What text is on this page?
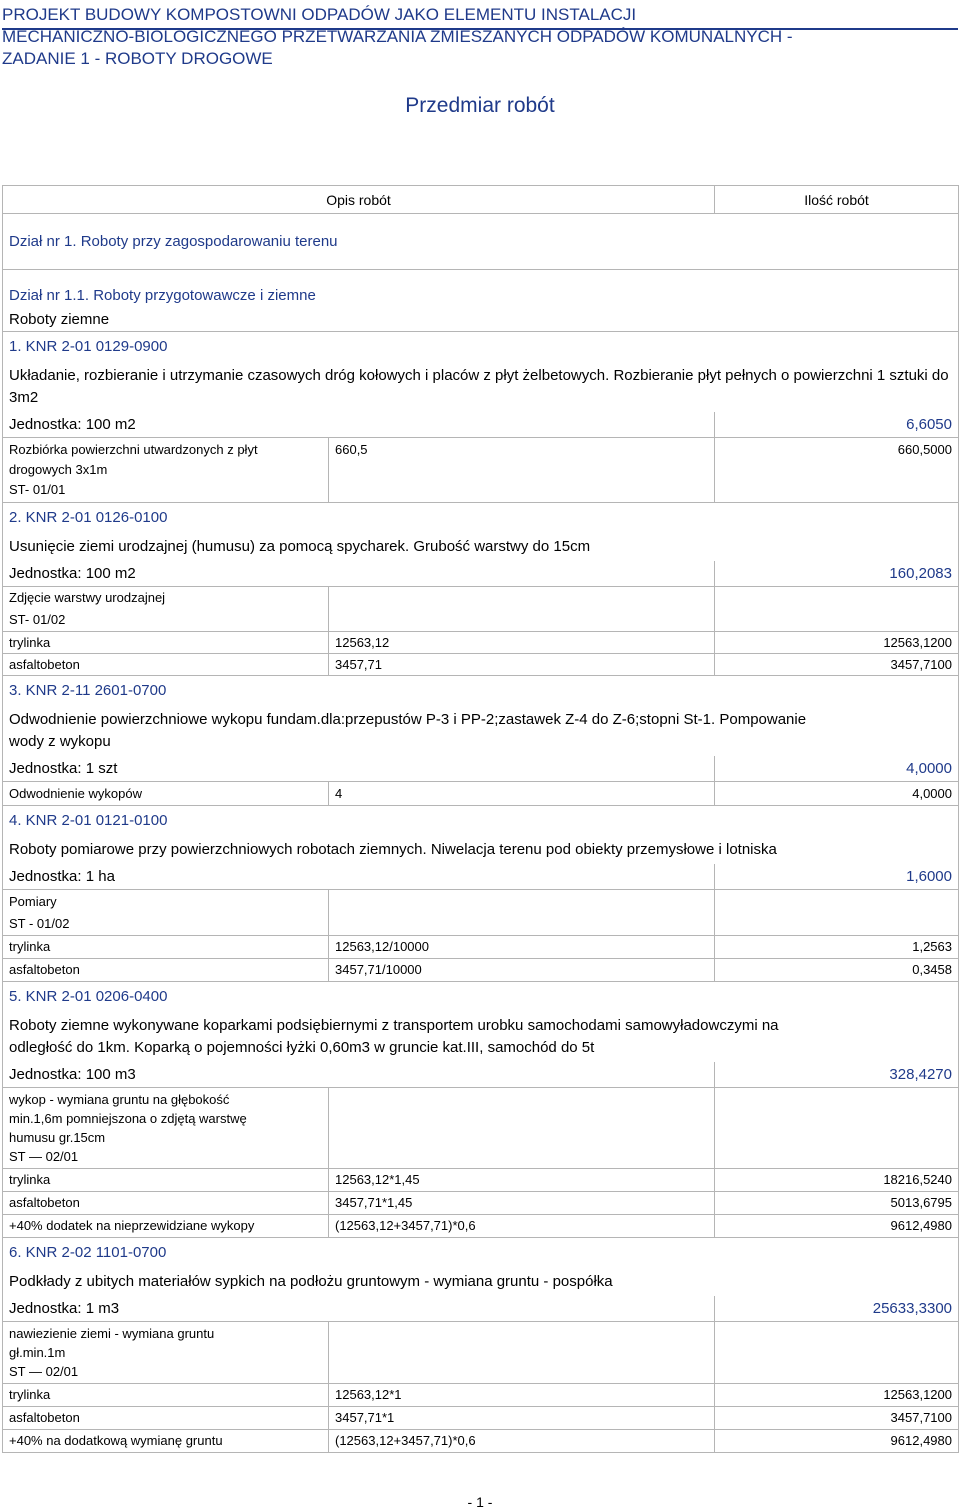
PROJEKT BUDOWY KOMPOSTOWNI ODPADÓW JAKO ELEMENTU INSTALACJI
MECHANICZNO-BIOLOGICZNEGO PRZETWARZANIA ZMIESZANYCH ODPADÓW KOMUNALNYCH -
ZADANIE 1 - ROBOTY DROGOWE
Przedmiar robót
Opis robót		Ilość robót
Dział nr 1. Roboty przy zagospodarowaniu terenu		
Dział nr 1.1. Roboty przygotowawcze i ziemne		
Roboty ziemne		
1. KNR 2-01 0129-0900		
Układanie, rozbieranie i utrzymanie czasowych dróg kołowych i placów z płyt żelbetowych. Rozbieranie płyt pełnych o powierzchni 1 sztuki do 3m2		
Jednostka: 100 m2		6,6050

Rozbiórka powierzchni utwardzonych z płyt drogowych 3x1m
ST- 01/01	660,5	660,5000
2. KNR 2-01 0126-0100		
Usunięcie ziemi urodzajnej (humusu) za pomocą spycharek. Grubość warstwy do 15cm		
Jednostka: 100 m2		160,2083

Zdjęcie warstwy urodzajnej
ST- 01/02		

trylinka	12563,12	12563,1200
asfaltobeton	3457,71	3457,7100
3. KNR 2-11 2601-0700		
Odwodnienie powierzchniowe wykopu fundam.dla:przepustów P-3 i PP-2;zastawek Z-4 do Z-6;stopni St-1. Pompowanie wody z wykopu		
Jednostka: 1 szt		4,0000
Odwodnienie wykopów	4	4,0000
4. KNR 2-01 0121-0100		
Roboty pomiarowe przy powierzchniowych robotach ziemnych. Niwelacja terenu pod obiekty przemysłowe i lotniska		
Jednostka: 1 ha		1,6000

Pomiary
ST - 01/02		

trylinka	12563,12/10000	1,2563
asfaltobeton	3457,71/10000	0,3458
5. KNR 2-01 0206-0400		
Roboty ziemne wykonywane koparkami podsiębiernymi z transportem urobku samochodami samowyładowczymi na odległość do 1km. Koparką o pojemności łyżki 0,60m3 w gruncie kat.III, samochód do 5t		
Jednostka: 100 m3		328,4270

wykop - wymiana gruntu na głębokość min.1,6m pomniejszona o zdjętą warstwę humusu gr.15cm
ST — 02/01		

trylinka	12563,12*1,45	18216,5240
asfaltobeton	3457,71*1,45	5013,6795
+40% dodatek na nieprzewidziane wykopy	(12563,12+3457,71)*0,6	9612,4980
6. KNR 2-02 1101-0700		
Podkłady z ubitych materiałów sypkich na podłożu gruntowym - wymiana gruntu - pospółka		
Jednostka: 1 m3		25633,3300

nawiezienie ziemi - wymiana gruntu gł.min.1m
ST — 02/01		

trylinka	12563,12*1	12563,1200
asfaltobeton	3457,71*1	3457,7100
+40% na dodatkową wymianę gruntu	(12563,12+3457,71)*0,6	9612,4980
- 1 -
